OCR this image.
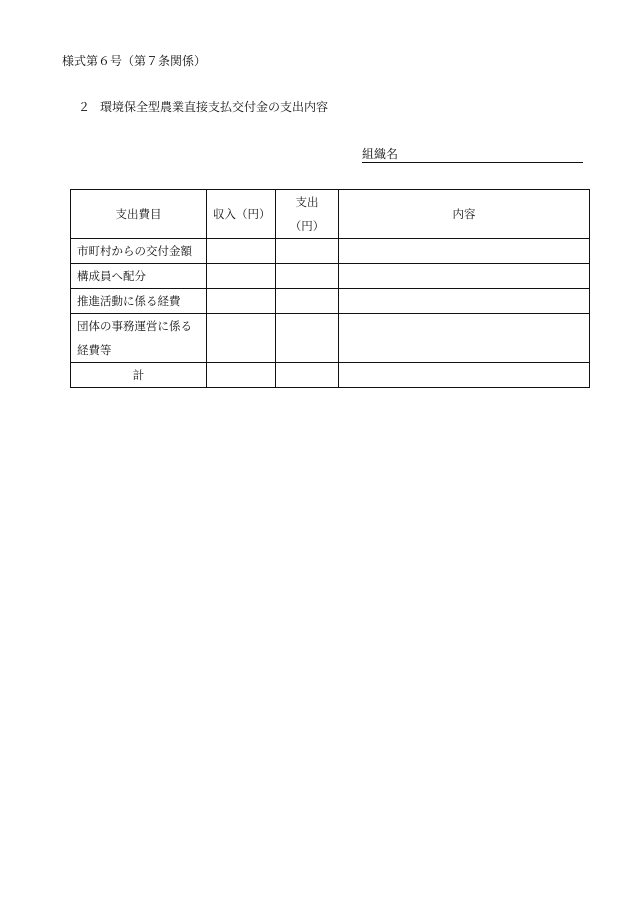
様式第６号（第７条関係）
２ 環境保全型農業直接支払交付金の支出内容
組織名
支出費目	収入（円）	支出（円）	内容
市町村からの交付金額			
構成員へ配分			
推進活動に係る経費			
団体の事務運営に係る経費等			
計			
